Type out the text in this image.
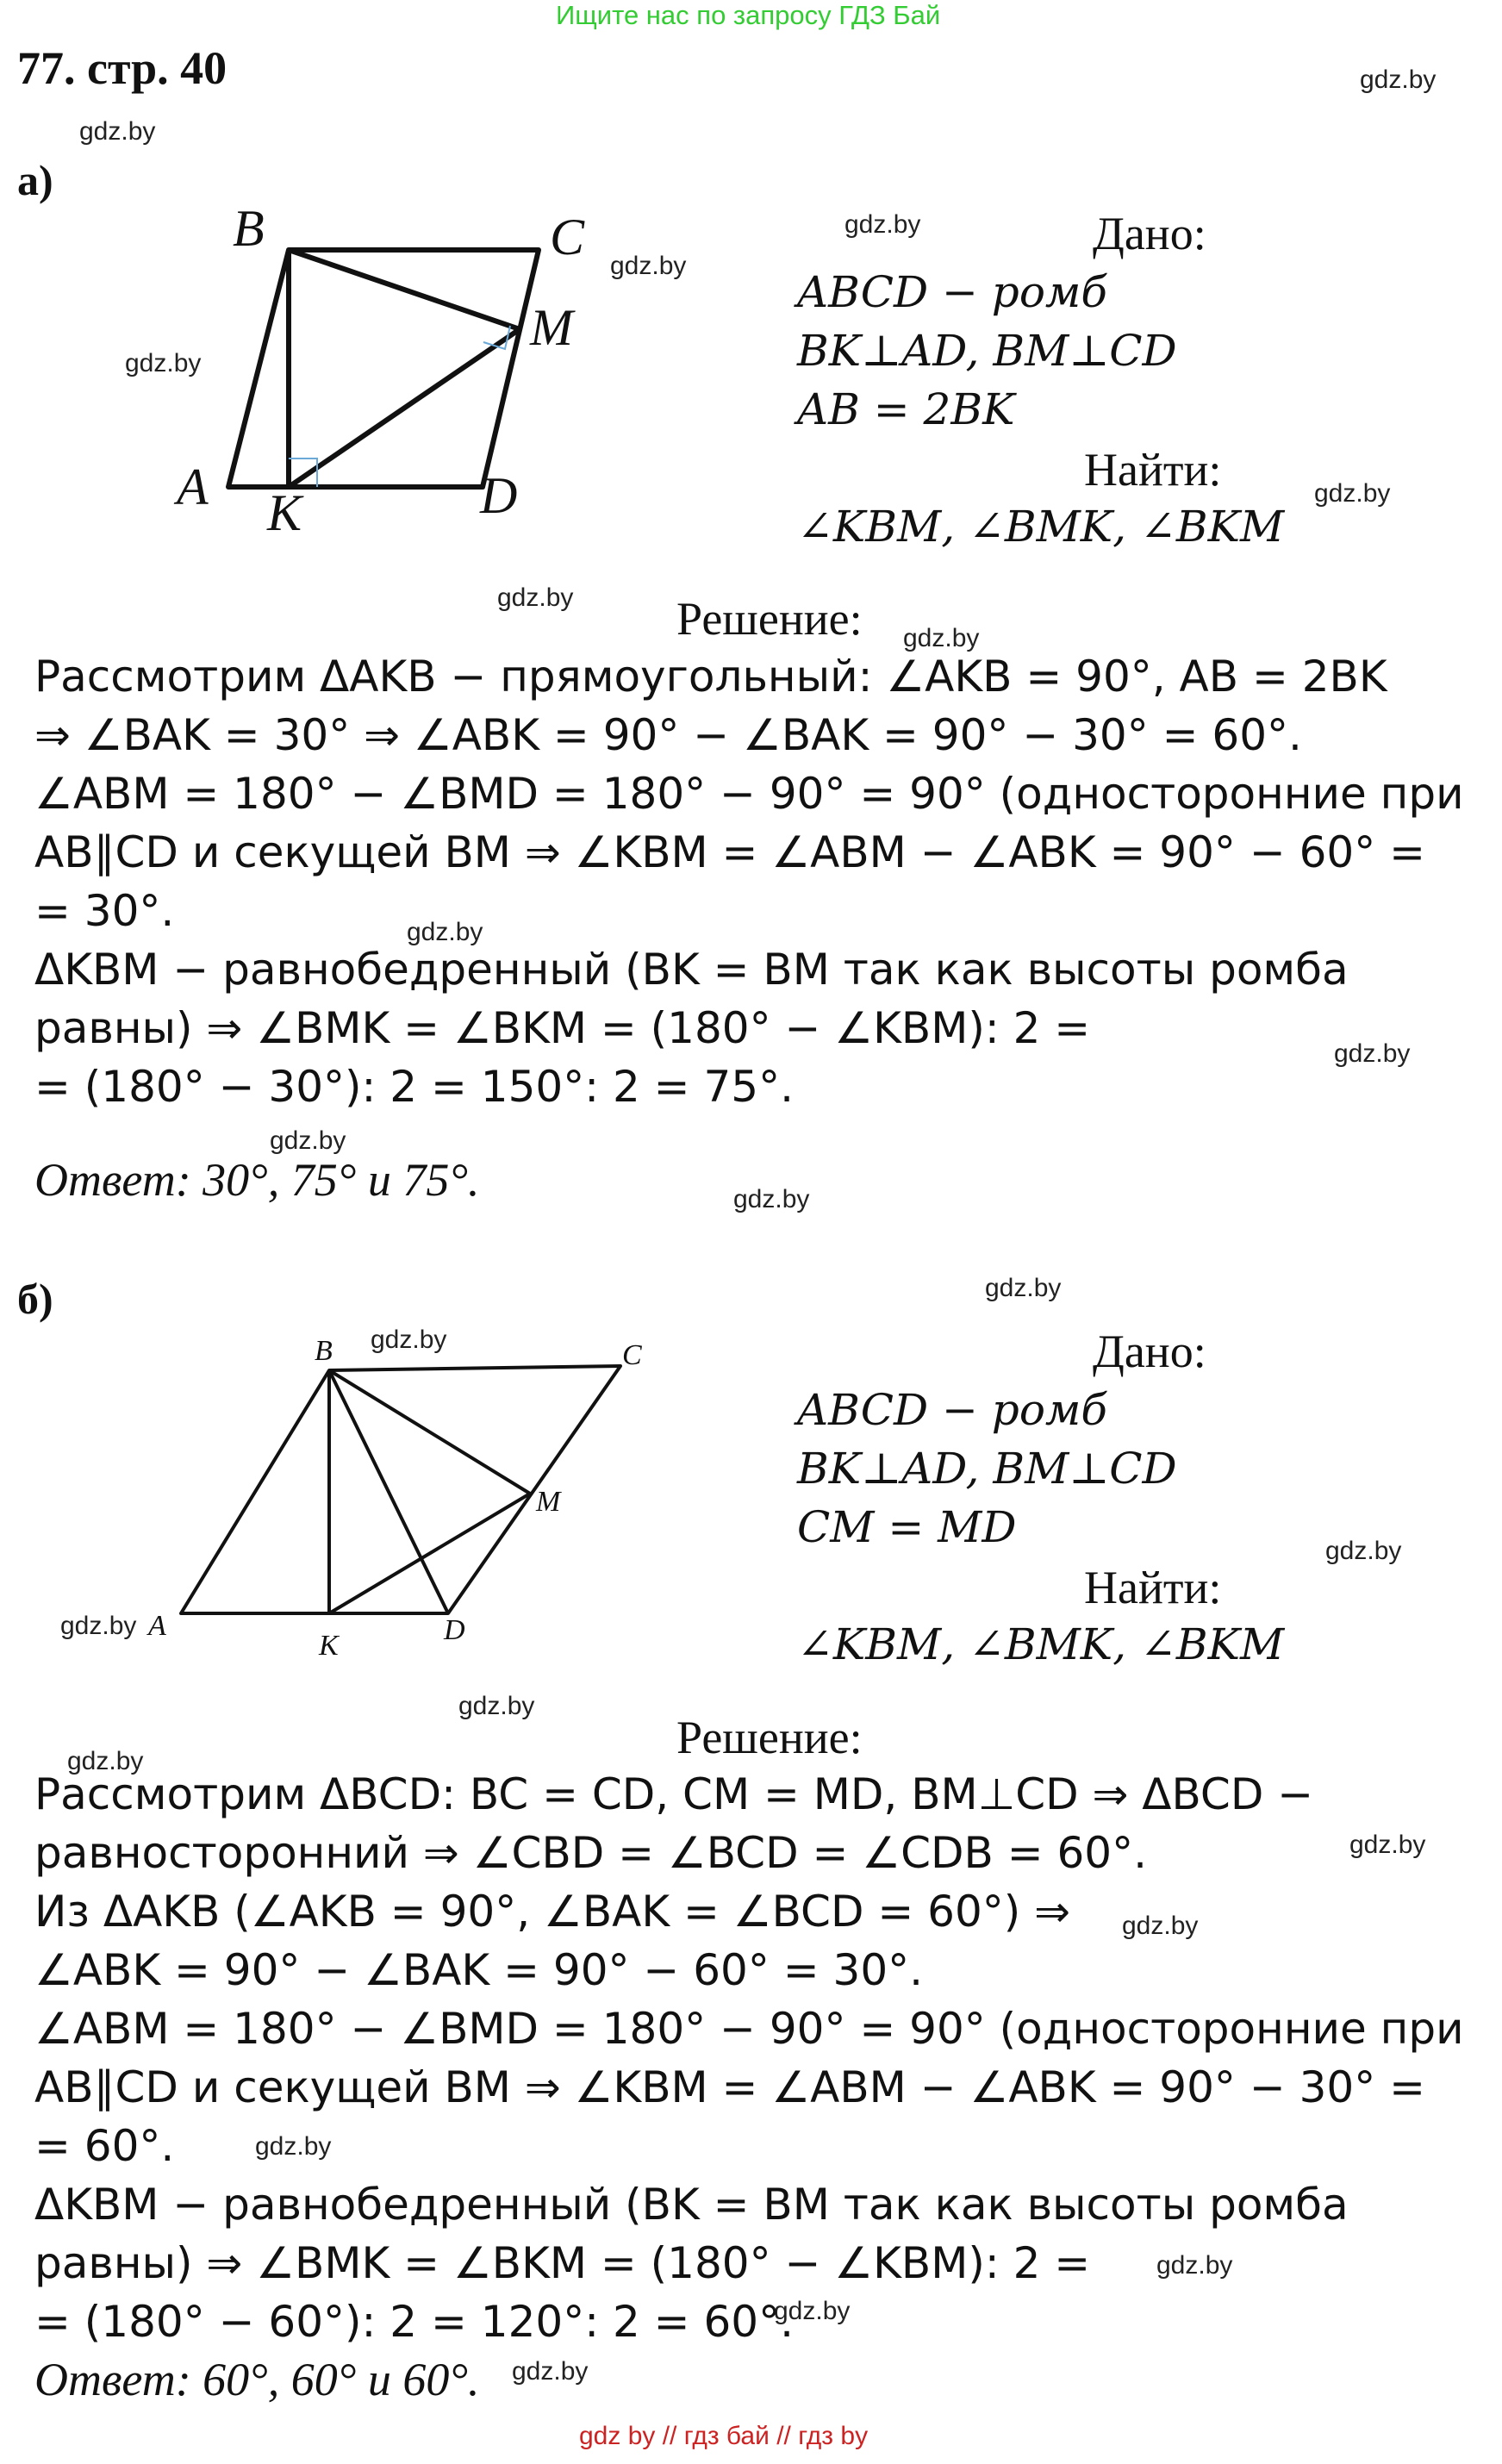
Ищите нас по запросу ГДЗ Бай
77. стр. 40	gdz.by
gdz.by
gdz.by
gdz.by
gdz.by
gdz.by
gdz.by
gdz.by
gdz.by
gdz.by
gdz.by
gdz.by
gdz.by
gdz.by
gdz.by
gdz.by
gdz.by
gdz.by
gdz.by
gdz.by
gdz.by
gdz.by
gdz.by
gdz.by
а)
B	C
M
A K	D
Дано:
ABCD − ромб
BK⊥AD, BM⊥CD
AB = 2BK
Найти:
∠KBM, ∠BMK, ∠BKM
Решение:
Рассмотрим ΔAKB − прямоугольный: ∠AKB = 90°, AB = 2BK
⇒ ∠BAK = 30° ⇒ ∠ABK = 90° − ∠BAK = 90° − 30° = 60°.
∠ABM = 180° − ∠BMD = 180° − 90° = 90° (односторонние при
AB∥CD и секущей BM ⇒ ∠KBM = ∠ABM − ∠ABK = 90° − 60° =
= 30°.
ΔKBM − равнобедренный (BK = BM так как высоты ромба
равны) ⇒ ∠BMK = ∠BKM = (180° − ∠KBM): 2 =
= (180° − 30°): 2 = 150°: 2 = 75°.
Ответ: 30°, 75° и 75°.
б)
B	C
M
A
K	D
Дано:
ABCD − ромб
BK⊥AD, BM⊥CD
CM = MD
Найти:
∠KBM, ∠BMK, ∠BKM
Решение:
Рассмотрим ΔBCD: BC = CD, CM = MD, BM⊥CD ⇒ ΔBCD −
равносторонний ⇒ ∠CBD = ∠BCD = ∠CDB = 60°.
Из ΔAKB (∠AKB = 90°, ∠BAK = ∠BCD = 60°) ⇒
∠ABK = 90° − ∠BAK = 90° − 60° = 30°.
∠ABM = 180° − ∠BMD = 180° − 90° = 90° (односторонние при
AB∥CD и секущей BM ⇒ ∠KBM = ∠ABM − ∠ABK = 90° − 30° =
= 60°.
ΔKBM − равнобедренный (BK = BM так как высоты ромба
равны) ⇒ ∠BMK = ∠BKM = (180° − ∠KBM): 2 =
= (180° − 60°): 2 = 120°: 2 = 60°.
Ответ: 60°, 60° и 60°.
gdz by // гдз бай // гдз by
